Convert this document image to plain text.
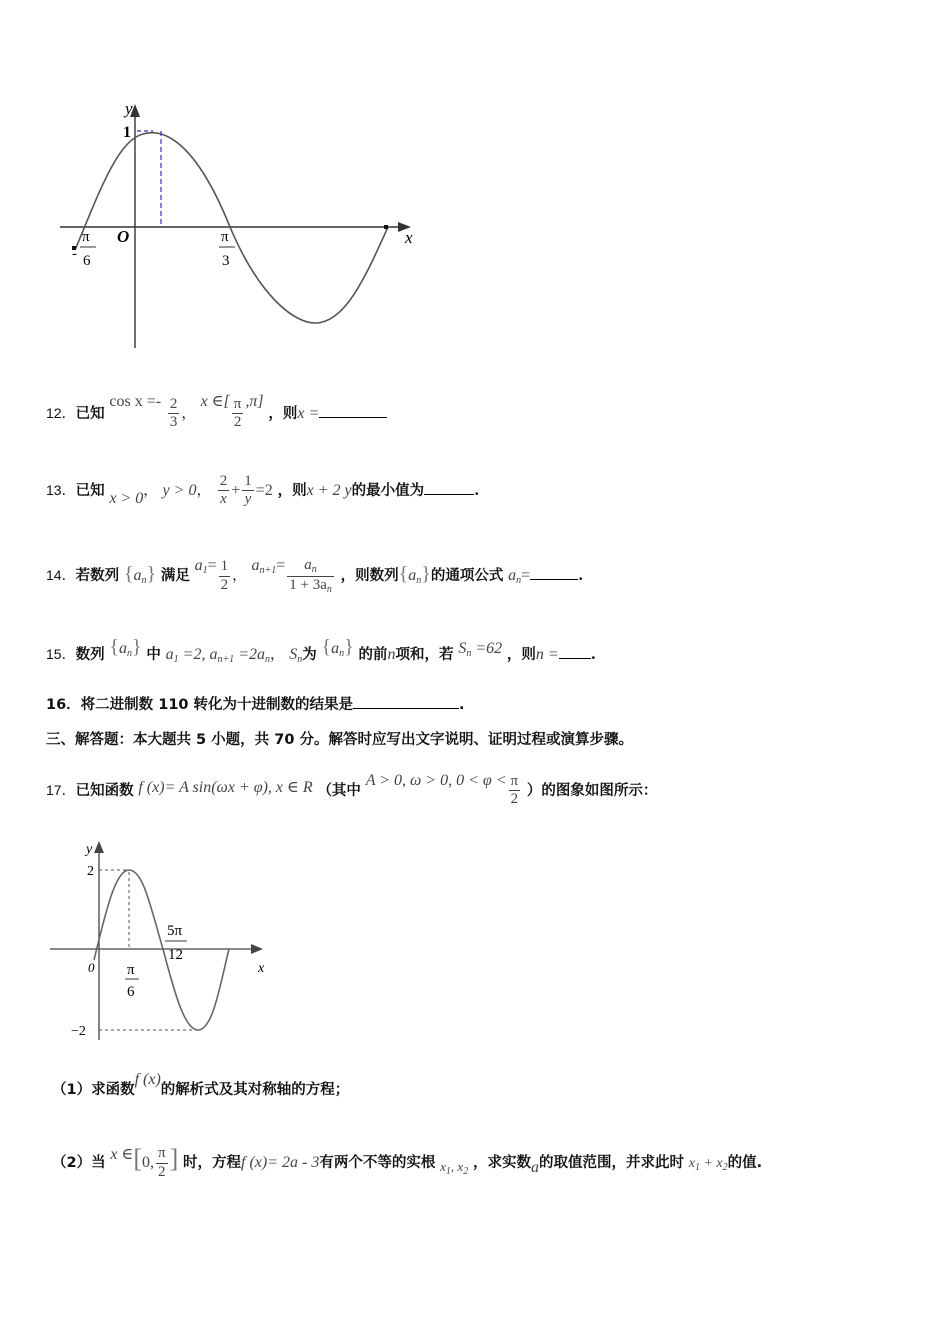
y
x
O
1
-
π
6
π
3
12．已知 $\cos x =- \frac{2}{3}$ ， x ∈[ $\frac{\pi}{2} ,\pi$] ，则x =
13．已知 x > 0， y > 0， $\frac{2}{x} + \frac{1}{y} =2$ ，则x + 2 y的最小值为	.
14．若数列 $\{a_n\}$ 满足 $a_1= \frac{1}{2}$ ， $a_{n+1}= \frac{a_n}{1 + 3a_n}$ ，则数列$\{a_n\}$的通项公式 $a_n=$	.
15．数列 $\{a_n\}$ 中 $a_1 =2$, $a_{n+1} =2a_n$， $S_n$为 $\{a_n\}$ 的前n项和，若 $S_n =62$ ，则n = .
16．将二进制数 110 转化为十进制数的结果是	.
三、解答题：本大题共 5 小题，共 70 分。解答时应写出文字说明、证明过程或演算步骤。
17．已知函数 f (x)= A sin(ωx + φ), x ∈ R （其中 A > 0, ω > 0, $0 < \varphi < \frac{\pi}{2}$ ）的图象如图所示：
y
x
0
2
−2
π
6
5π
12
（1）求函数f (x)的解析式及其对称轴的方程；
（2）当 x ∈[0, $\frac{\pi}{2}$ ] 时，方程f (x)= 2a - 3有两个不等的实根 $x_1$, $x_2$ ，求实数a的取值范围，并求此时 $x_1 + x_2$的值.
